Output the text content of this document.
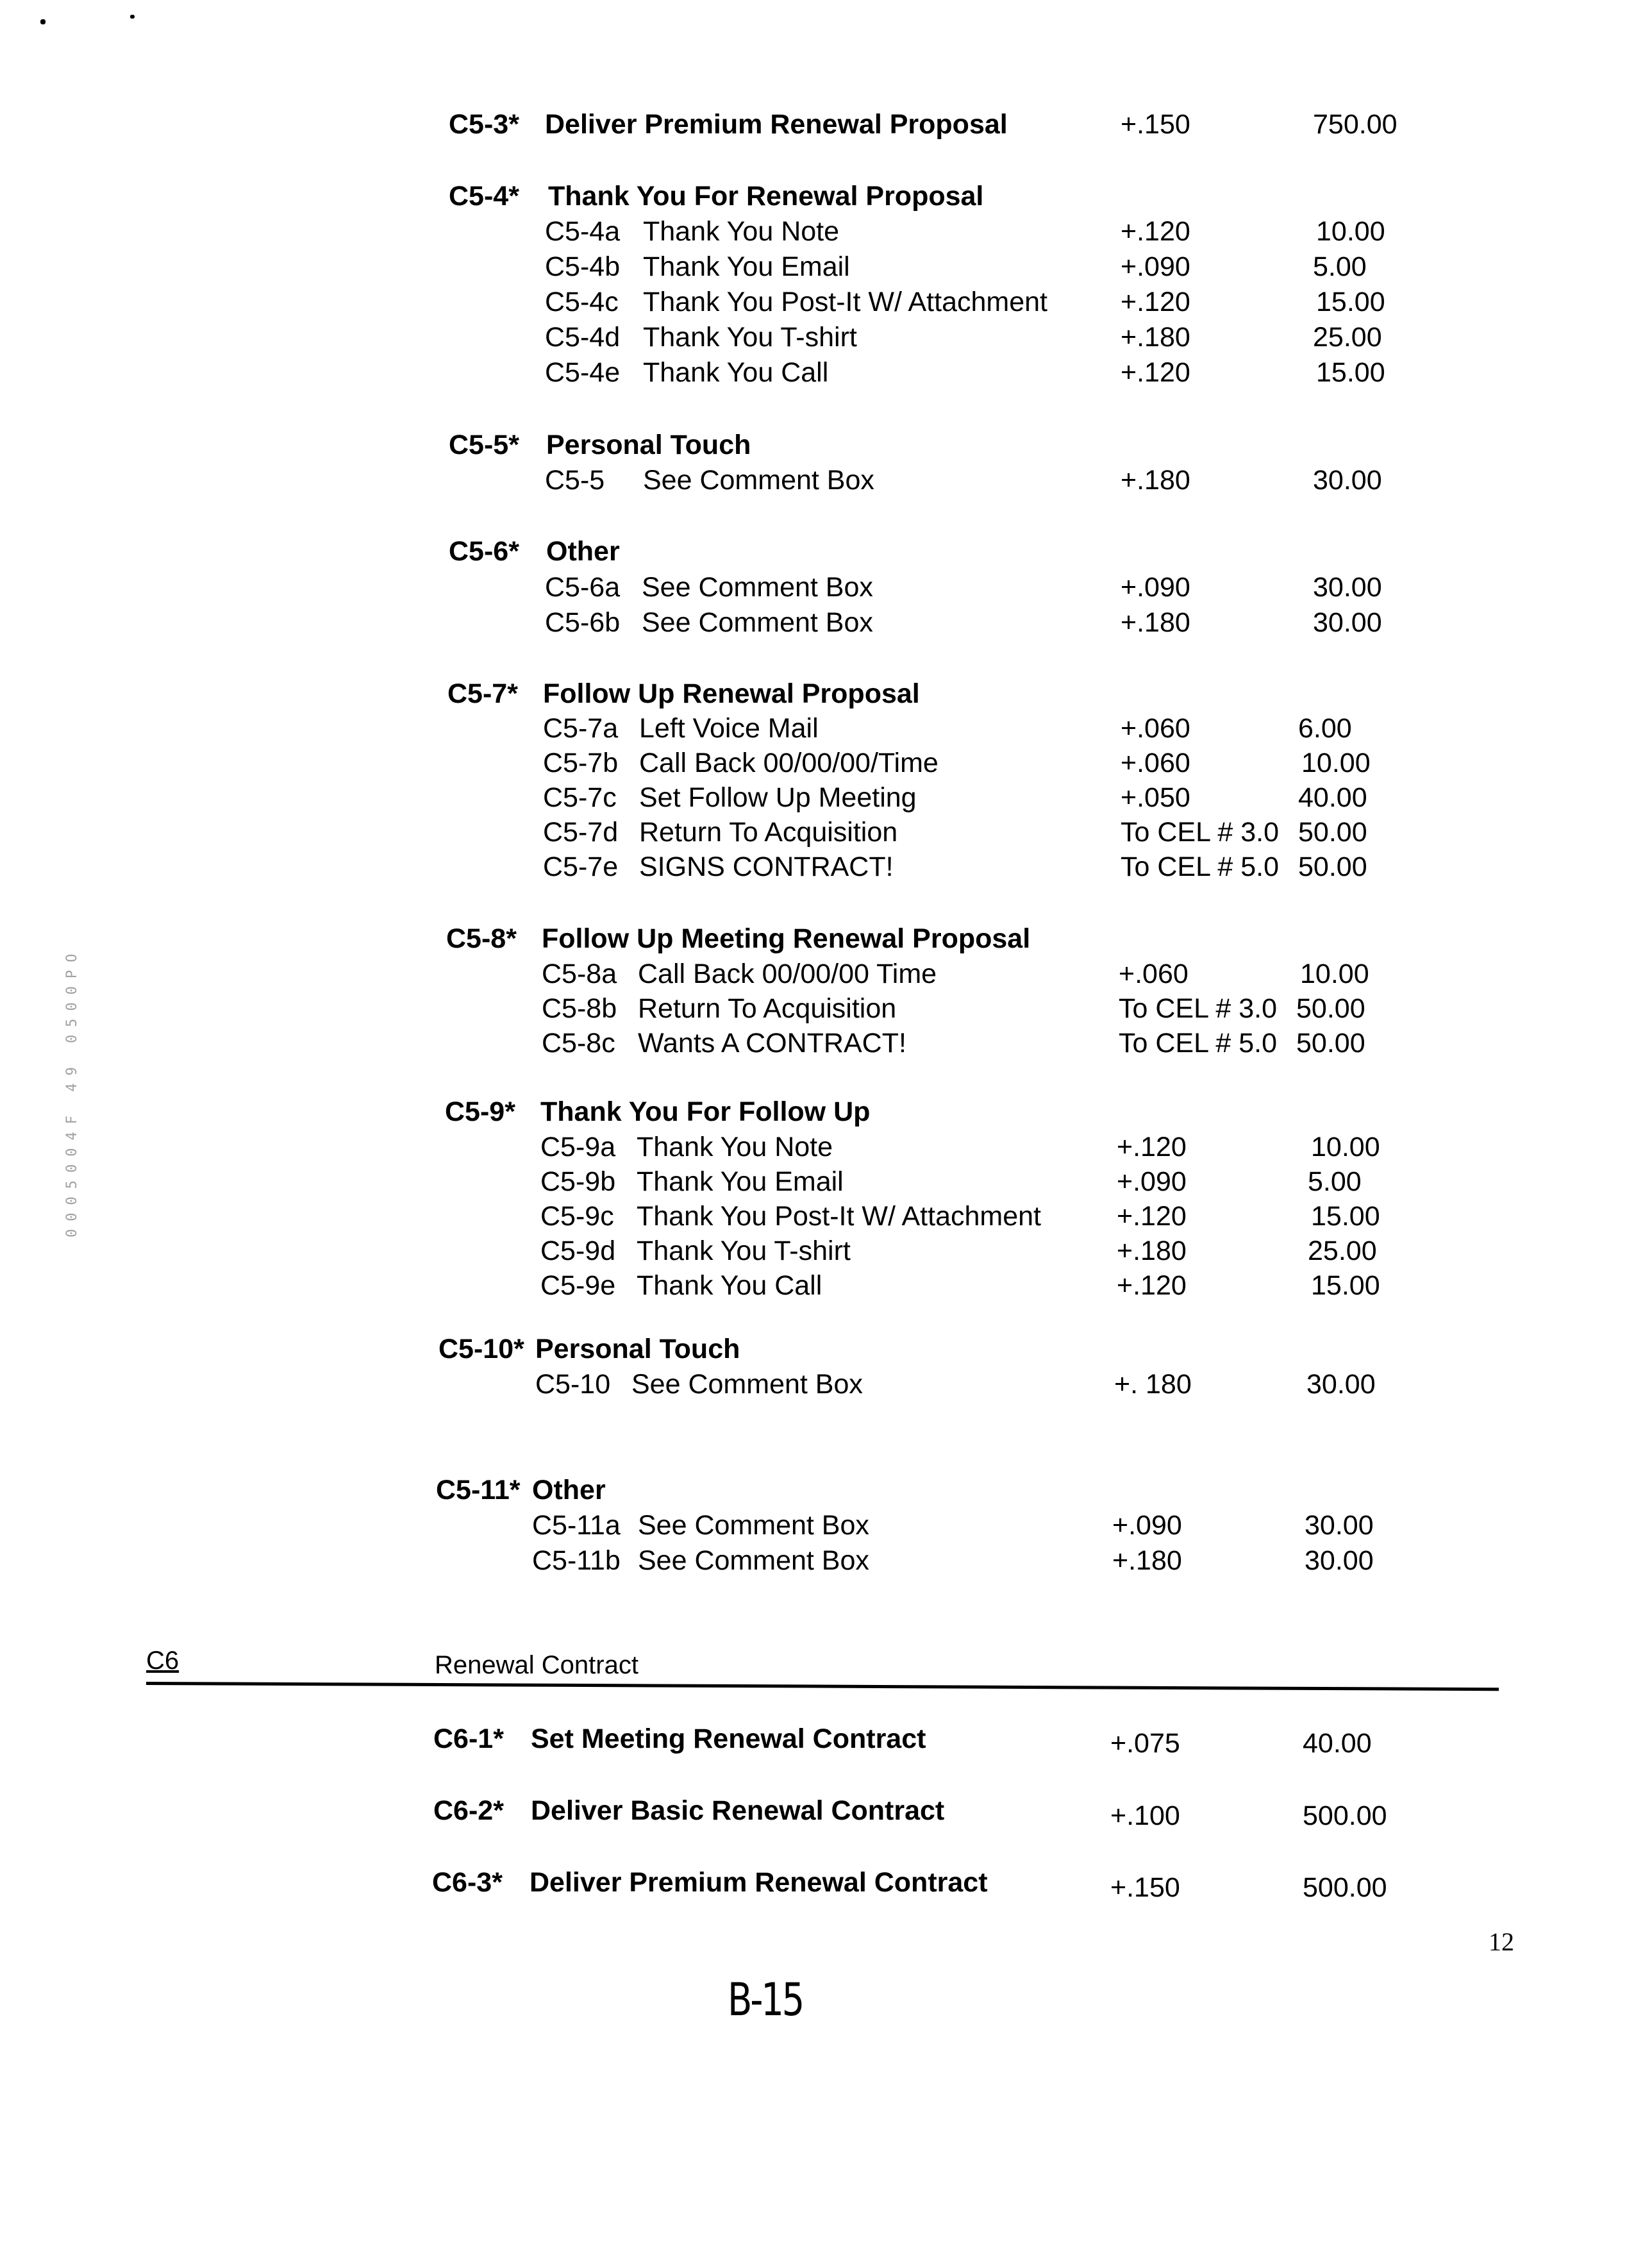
0005004F 49 0500PO
C5-3* Deliver Premium Renewal Proposal	+.150	750.00
C5-4* Thank You For Renewal Proposal
C5-4a Thank You Note	+.120	10.00
C5-4b Thank You Email	+.090	5.00
C5-4c Thank You Post-It W/ Attachment	+.120	15.00
C5-4d Thank You T-shirt	+.180	25.00
C5-4e Thank You Call	+.120	15.00
C5-5* Personal Touch
C5-5 See Comment Box	+.180	30.00
C5-6* Other
C5-6a See Comment Box	+.090	30.00
C5-6b See Comment Box	+.180	30.00
C5-7* Follow Up Renewal Proposal
C5-7a Left Voice Mail	+.060	6.00
C5-7b Call Back 00/00/00/Time	+.060	10.00
C5-7c Set Follow Up Meeting	+.050	40.00
C5-7d Return To Acquisition	To CEL # 3.0 50.00
C5-7e SIGNS CONTRACT!	To CEL # 5.0 50.00
C5-8* Follow Up Meeting Renewal Proposal
C5-8a Call Back 00/00/00 Time	+.060	10.00
C5-8b Return To Acquisition	To CEL # 3.0 50.00
C5-8c Wants A CONTRACT!	To CEL # 5.0 50.00
C5-9* Thank You For Follow Up
C5-9a Thank You Note	+.120	10.00
C5-9b Thank You Email	+.090	5.00
C5-9c Thank You Post-It W/ Attachment	+.120	15.00
C5-9d Thank You T-shirt	+.180	25.00
C5-9e Thank You Call	+.120	15.00
C5-10* Personal Touch
C5-10 See Comment Box	+. 180	30.00
C5-11* Other
C5-11a See Comment Box	+.090	30.00
C5-11b See Comment Box	+.180	30.00
C6	Renewal Contract
C6-1* Set Meeting Renewal Contract	+.075	40.00
C6-2* Deliver Basic Renewal Contract	+.100	500.00
C6-3* Deliver Premium Renewal Contract	+.150	500.00
12
B-15
